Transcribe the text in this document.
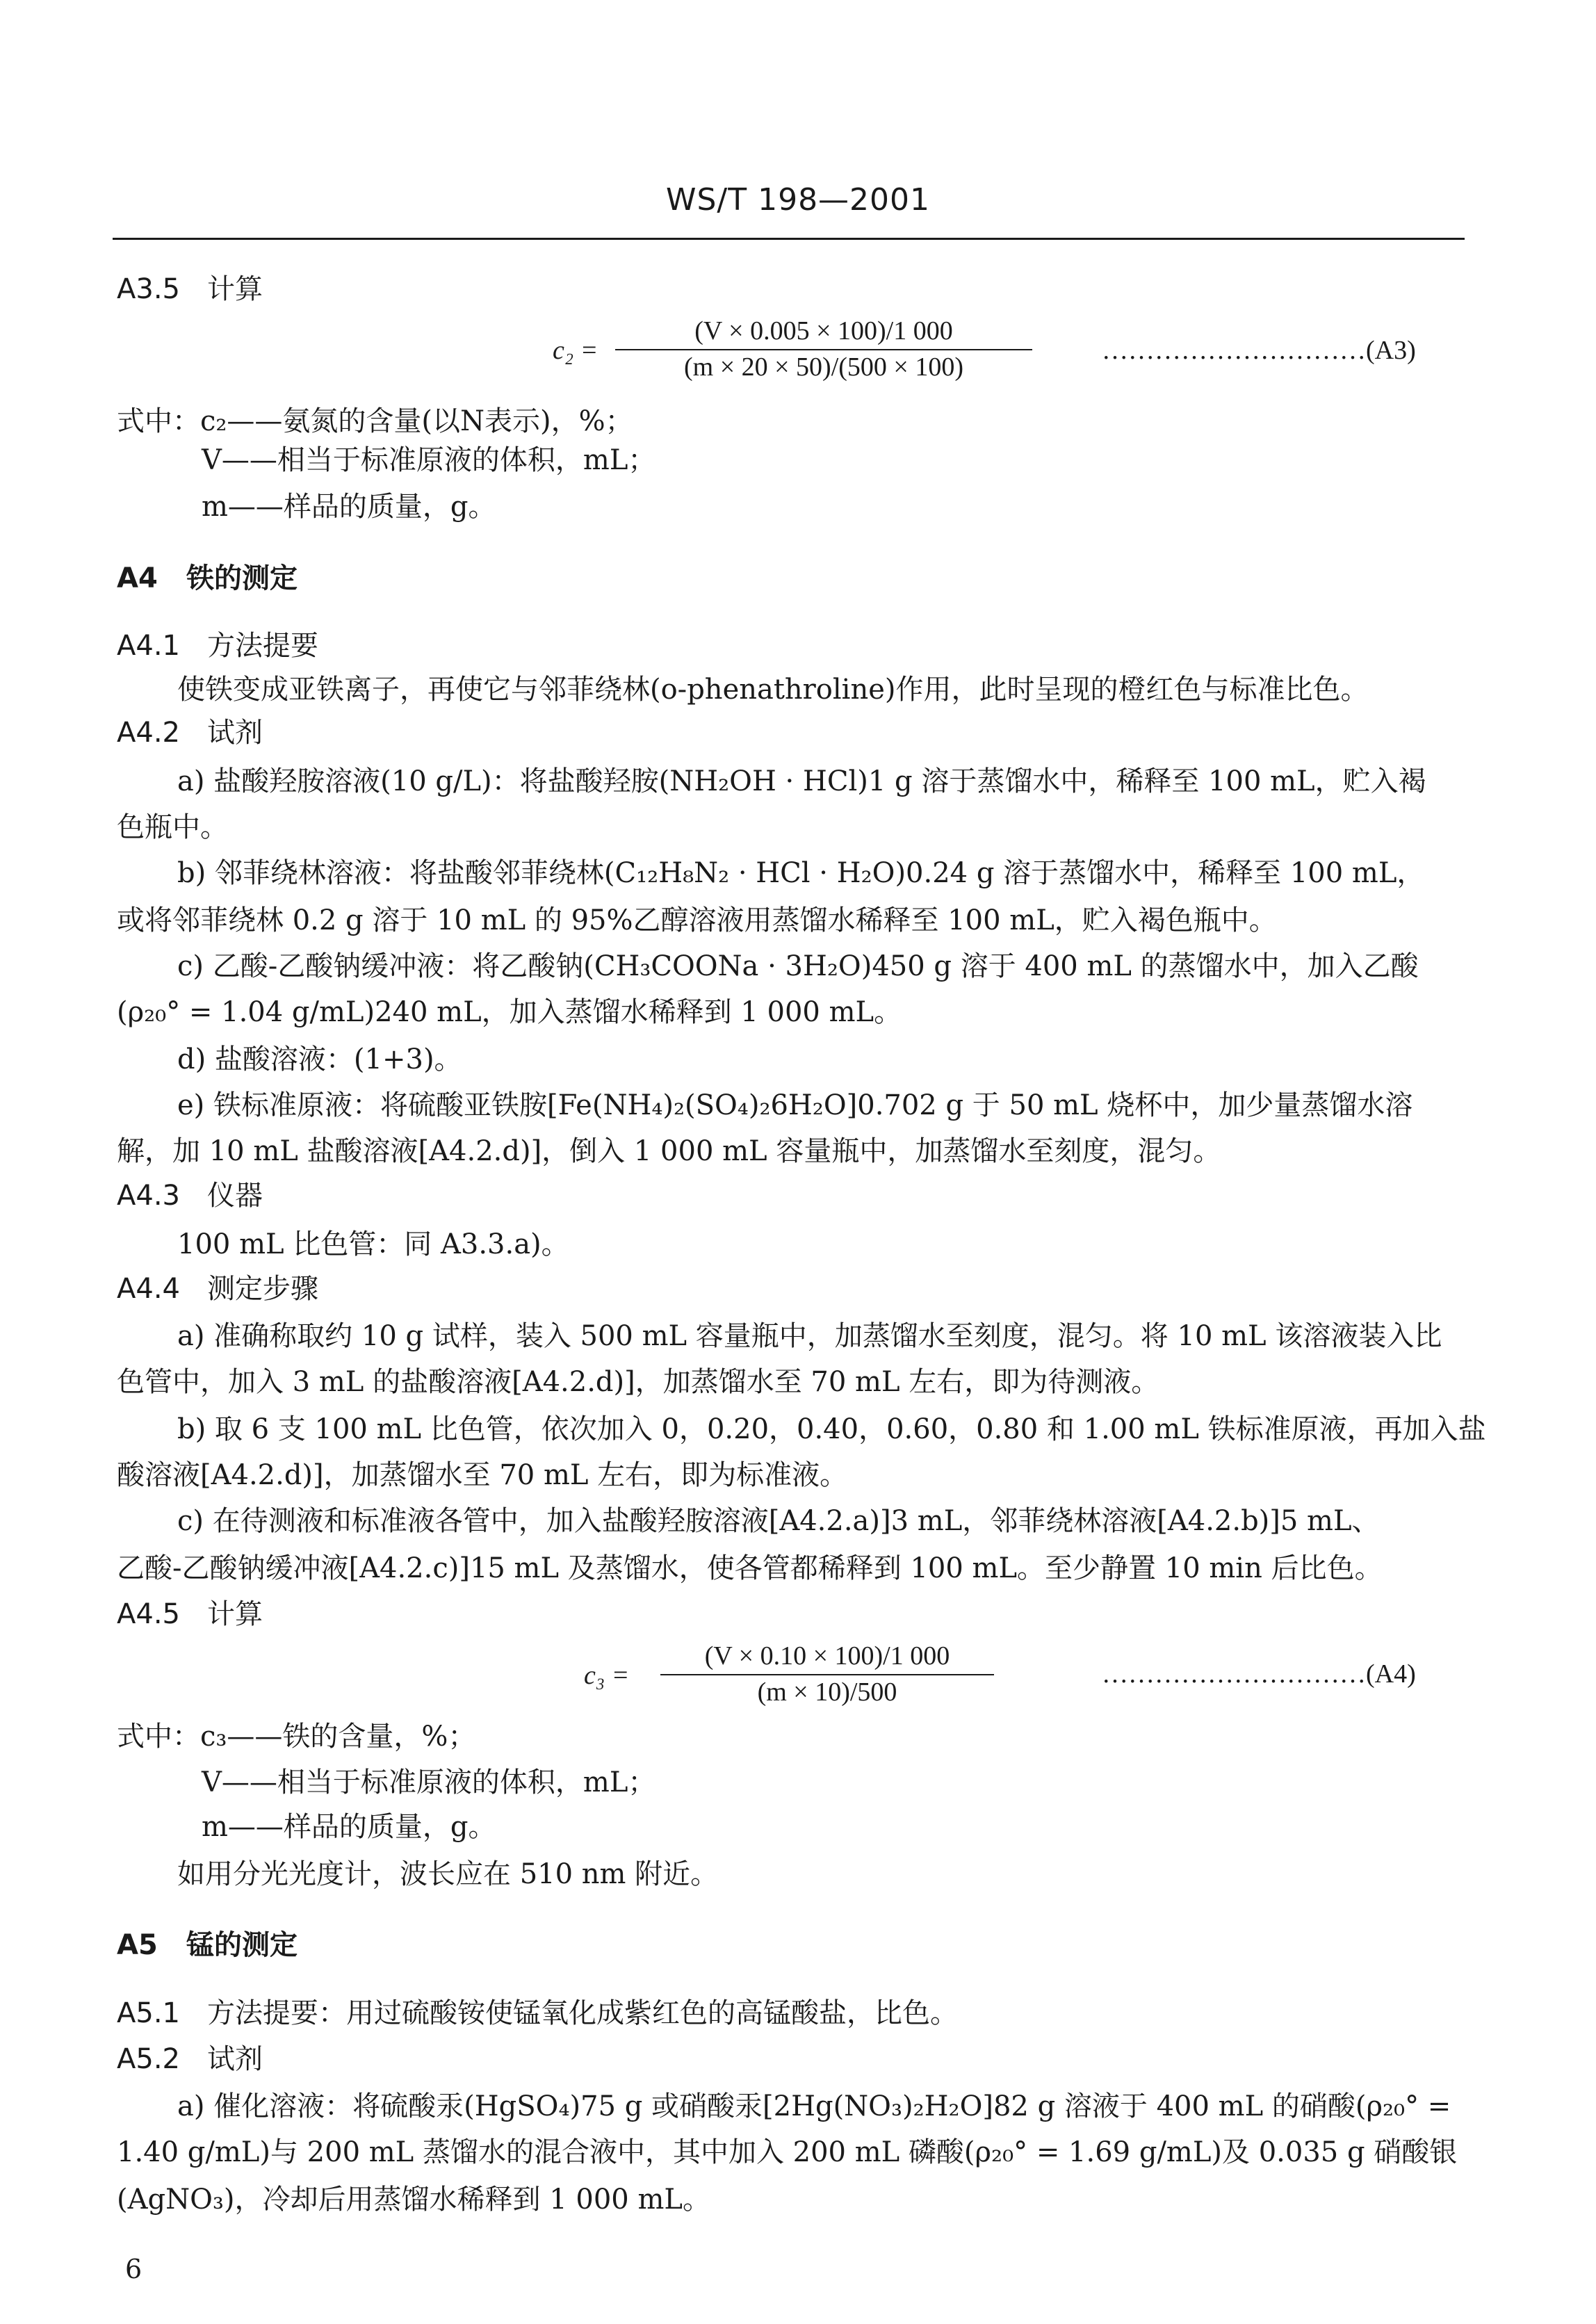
WS/T 198—2001
A3.5 计算
c₂ =
(V × 0.005 × 100)/1 000
(m × 20 × 50)/(500 × 100)
…………………………(A3)
式中：c₂——氨氮的含量(以N表示)，%；
V——相当于标准原液的体积，mL；
m——样品的质量，g。
A4 铁的测定
A4.1 方法提要
使铁变成亚铁离子，再使它与邻菲绕林(o-phenathroline)作用，此时呈现的橙红色与标准比色。
A4.2 试剂
a) 盐酸羟胺溶液(10 g/L)：将盐酸羟胺(NH₂OH · HCl)1 g 溶于蒸馏水中，稀释至 100 mL，贮入褐
色瓶中。
b) 邻菲绕林溶液：将盐酸邻菲绕林(C₁₂H₈N₂ · HCl · H₂O)0.24 g 溶于蒸馏水中，稀释至 100 mL，
或将邻菲绕林 0.2 g 溶于 10 mL 的 95%乙醇溶液用蒸馏水稀释至 100 mL，贮入褐色瓶中。
c) 乙酸-乙酸钠缓冲液：将乙酸钠(CH₃COONa · 3H₂O)450 g 溶于 400 mL 的蒸馏水中，加入乙酸
(ρ₂₀° = 1.04 g/mL)240 mL，加入蒸馏水稀释到 1 000 mL。
d) 盐酸溶液：(1+3)。
e) 铁标准原液：将硫酸亚铁胺[Fe(NH₄)₂(SO₄)₂6H₂O]0.702 g 于 50 mL 烧杯中，加少量蒸馏水溶
解，加 10 mL 盐酸溶液[A4.2.d)]，倒入 1 000 mL 容量瓶中，加蒸馏水至刻度，混匀。
A4.3 仪器
100 mL 比色管：同 A3.3.a)。
A4.4 测定步骤
a) 准确称取约 10 g 试样，装入 500 mL 容量瓶中，加蒸馏水至刻度，混匀。将 10 mL 该溶液装入比
色管中，加入 3 mL 的盐酸溶液[A4.2.d)]，加蒸馏水至 70 mL 左右，即为待测液。
b) 取 6 支 100 mL 比色管，依次加入 0，0.20，0.40，0.60，0.80 和 1.00 mL 铁标准原液，再加入盐
酸溶液[A4.2.d)]，加蒸馏水至 70 mL 左右，即为标准液。
c) 在待测液和标准液各管中，加入盐酸羟胺溶液[A4.2.a)]3 mL，邻菲绕林溶液[A4.2.b)]5 mL、
乙酸-乙酸钠缓冲液[A4.2.c)]15 mL 及蒸馏水，使各管都稀释到 100 mL。至少静置 10 min 后比色。
A4.5 计算
c₃ =
(V × 0.10 × 100)/1 000
(m × 10)/500
…………………………(A4)
式中：c₃——铁的含量，%；
V——相当于标准原液的体积，mL；
m——样品的质量，g。
如用分光光度计，波长应在 510 nm 附近。
A5 锰的测定
A5.1 方法提要：用过硫酸铵使锰氧化成紫红色的高锰酸盐，比色。
A5.2 试剂
a) 催化溶液：将硫酸汞(HgSO₄)75 g 或硝酸汞[2Hg(NO₃)₂H₂O]82 g 溶液于 400 mL 的硝酸(ρ₂₀° =
1.40 g/mL)与 200 mL 蒸馏水的混合液中，其中加入 200 mL 磷酸(ρ₂₀° = 1.69 g/mL)及 0.035 g 硝酸银
(AgNO₃)，冷却后用蒸馏水稀释到 1 000 mL。
6
